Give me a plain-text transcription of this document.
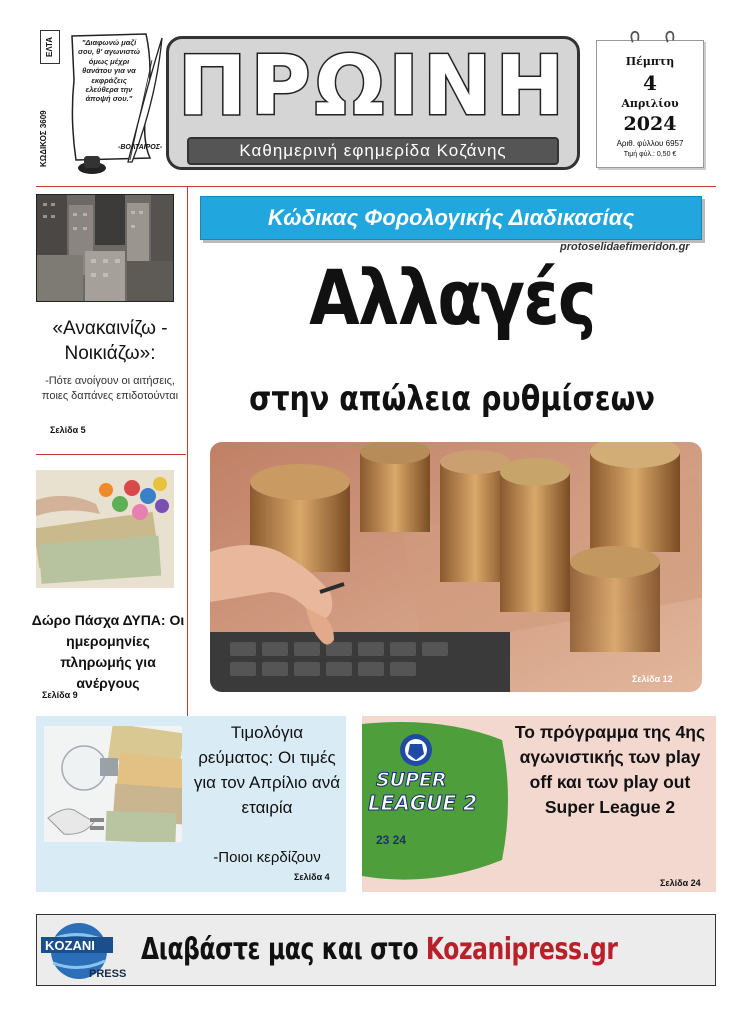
ΕΛΤΑ
ΚΩΔΙΚΟΣ 3609
"Διαφωνώ μαζί σου, θ' αγωνιστώ όμως μέχρι θανάτου για να εκφράζεις ελεύθερα την άποψή σου."
-ΒΟΛΤΑΙΡΟΣ-
ΠΡΩΙΝΗ
Καθημερινή εφημερίδα Κοζάνης
Πέμπτη
4
Απριλίου
2024
Αριθ. φύλλου 6957
Τιμή φύλ.: 0,50 €
«Ανακαινίζω - Νοικιάζω»:
-Πότε ανοίγουν οι αιτήσεις, ποιες δαπάνες επιδοτούνται
Σελίδα 5
Δώρο Πάσχα ΔΥΠΑ: Οι ημερομηνίες πληρωμής για ανέργους
Σελίδα 9
Κώδικας Φορολογικής Διαδικασίας
protoselidaefimeridon.gr
Αλλαγές
στην απώλεια ρυθμίσεων
Σελίδα 12
Τιμολόγια ρεύματος: Οι τιμές για τον Απρίλιο ανά εταιρία
-Ποιοι κερδίζουν
Σελίδα 4
SUPER
LEAGUE 2
23 24
Το πρόγραμμα της 4ης αγωνιστικής των play off και των play out Super League 2
Σελίδα 24
KOZANI
PRESS
Διαβάστε μας και στο Kozanipress.gr
